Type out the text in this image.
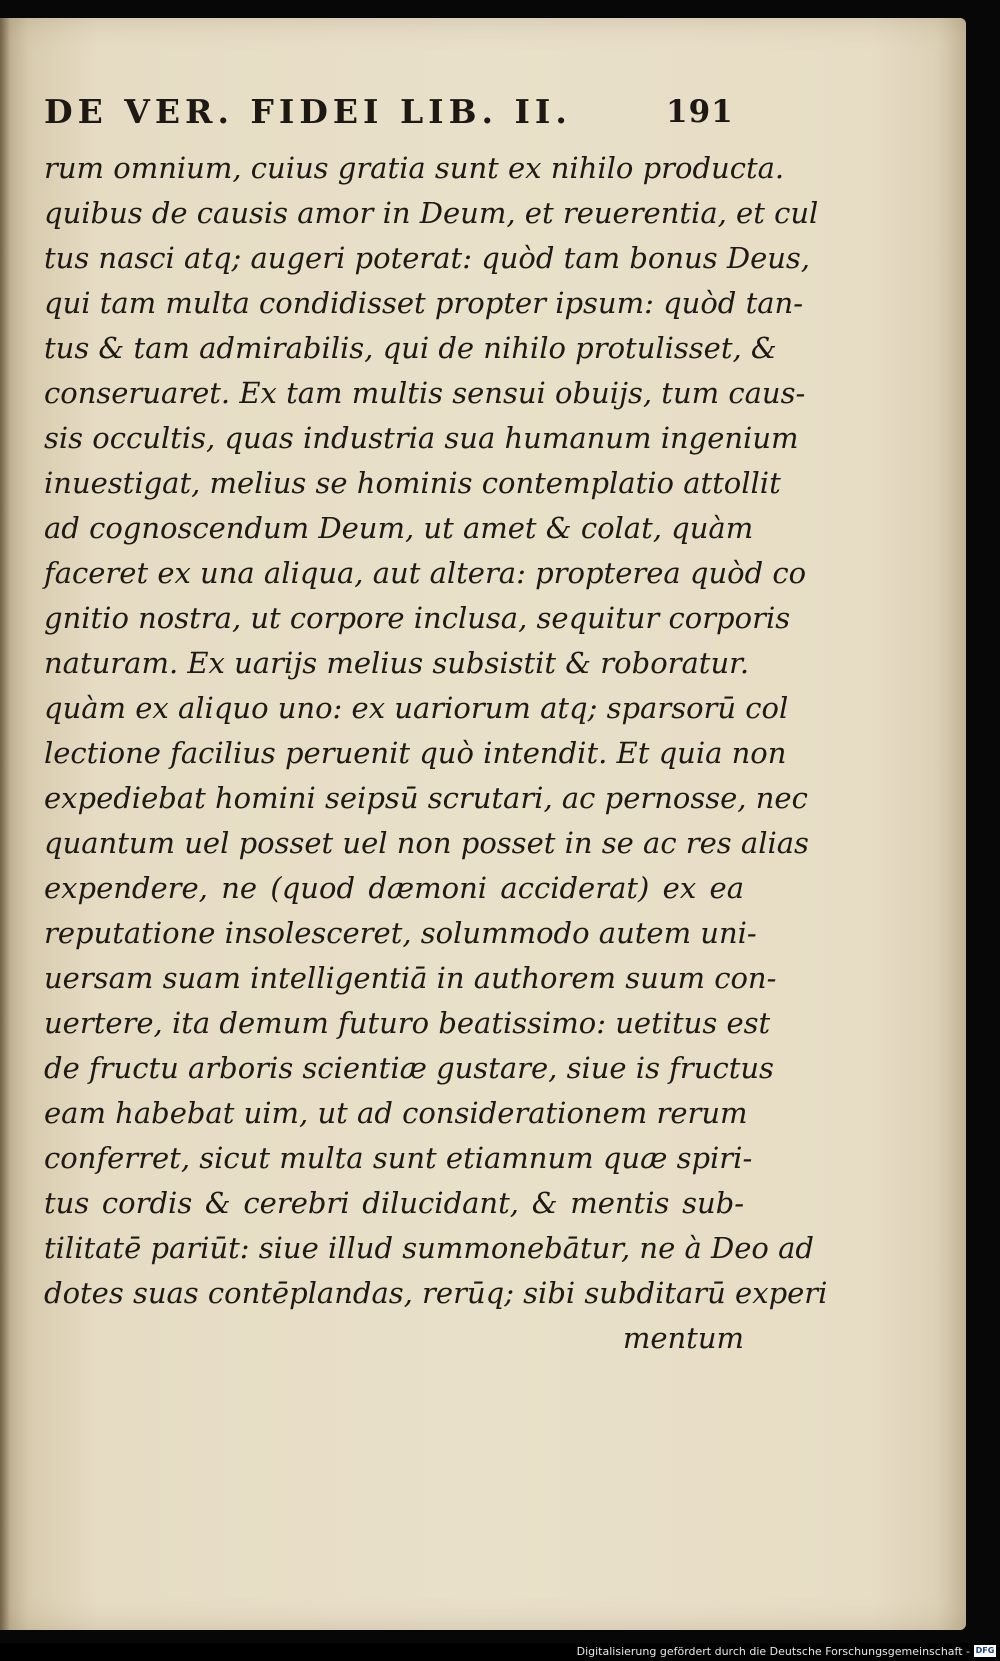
DE VER. FIDEI LIB. II.	191
rum omnium, cuius gratia sunt ex nihilo producta.
quibus de causis amor in Deum, et reuerentia, et cul
tus nasci atq; augeri poterat: quòd tam bonus Deus,
qui tam multa condidisset propter ipsum: quòd tan-
tus & tam admirabilis, qui de nihilo protulisset, &
conseruaret. Ex tam multis sensui obuijs, tum caus-
sis occultis, quas industria sua humanum ingenium
inuestigat, melius se hominis contemplatio attollit
ad cognoscendum Deum, ut amet & colat, quàm
faceret ex una aliqua, aut altera: propterea quòd co
gnitio nostra, ut corpore inclusa, sequitur corporis
naturam. Ex uarijs melius subsistit & roboratur.
quàm ex aliquo uno: ex uariorum atq; sparsorū col
lectione facilius peruenit quò intendit. Et quia non
expediebat homini seipsū scrutari, ac pernosse, nec
quantum uel posset uel non posset in se ac res alias
expendere, ne (quod dæmoni acciderat) ex ea
reputatione insolesceret, solummodo autem uni-
uersam suam intelligentiā in authorem suum con-
uertere, ita demum futuro beatissimo: uetitus est
de fructu arboris scientiæ gustare, siue is fructus
eam habebat uim, ut ad considerationem rerum
conferret, sicut multa sunt etiamnum quæ spiri-
tus cordis & cerebri dilucidant, & mentis sub-
tilitatē pariūt: siue illud summonebātur, ne à Deo ad
dotes suas contēplandas, rerūq; sibi subditarū experi
mentum
Digitalisierung gefördert durch die Deutsche Forschungsgemeinschaft - DFG
